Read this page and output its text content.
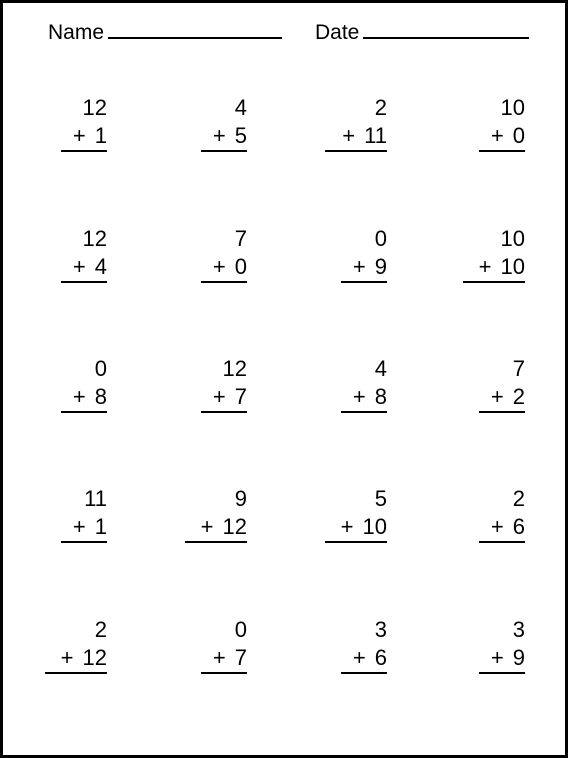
Name	Date
12
+ 1
4
+ 5
2
+ 11
10
+ 0
12
+ 4
7
+ 0
0
+ 9
10
+ 10
0
+ 8
12
+ 7
4
+ 8
7
+ 2
11
+ 1
9
+ 12
5
+ 10
2
+ 6
2
+ 12
0
+ 7
3
+ 6
3
+ 9
